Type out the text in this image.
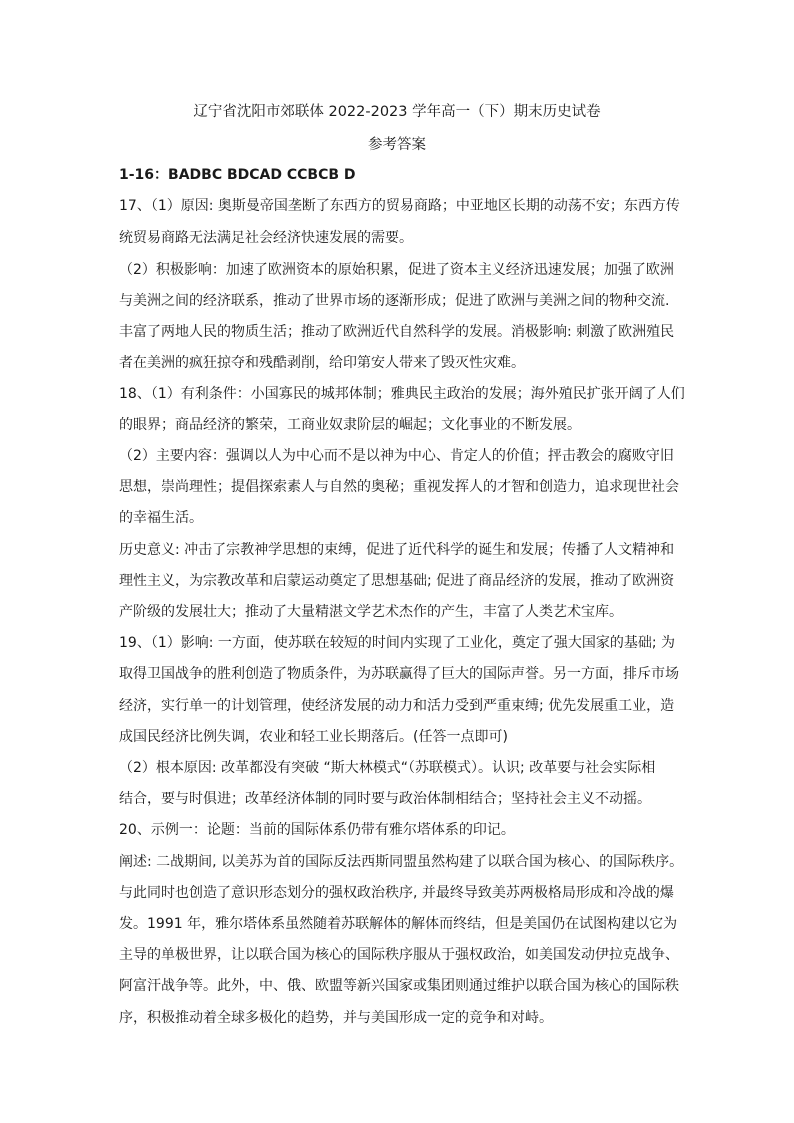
辽宁省沈阳市郊联体 2022-2023 学年高一（下）期末历史试卷
参考答案
1-16：BADBC BDCAD CCBCB D
17、（1）原因: 奥斯曼帝国垄断了东西方的贸易商路；中亚地区长期的动荡不安；东西方传
统贸易商路无法满足社会经济快速发展的需要。
（2）积极影响：加速了欧洲资本的原始积累，促进了资本主义经济迅速发展；加强了欧洲
与美洲之间的经济联系，推动了世界市场的逐渐形成；促进了欧洲与美洲之间的物种交流.
丰富了两地人民的物质生活；推动了欧洲近代自然科学的发展。消极影响: 刺激了欧洲殖民
者在美洲的疯狂掠夺和残酷剥削，给印第安人带来了毁灭性灾难。
18、（1）有利条件：小国寡民的城邦体制；雅典民主政治的发展；海外殖民扩张开阔了人们
的眼界；商品经济的繁荣，工商业奴隶阶层的崛起；文化事业的不断发展。
（2）主要内容：强调以人为中心而不是以神为中心、肯定人的价值；抨击教会的腐败守旧
思想，崇尚理性；提倡探索素人与自然的奥秘；重视发挥人的才智和创造力，追求现世社会
的幸福生活。
历史意义: 冲击了宗教神学思想的束缚，促进了近代科学的诞生和发展；传播了人文精神和
理性主义，为宗教改革和启蒙运动奠定了思想基础; 促进了商品经济的发展，推动了欧洲资
产阶级的发展壮大；推动了大量精湛文学艺术杰作的产生，丰富了人类艺术宝库。
19、（1）影响: 一方面，使苏联在较短的时间内实现了工业化，奠定了强大国家的基础; 为
取得卫国战争的胜利创造了物质条件，为苏联赢得了巨大的国际声誉。另一方面，排斥市场
经济，实行单一的计划管理，使经济发展的动力和活力受到严重束缚; 优先发展重工业，造
成国民经济比例失调，农业和轻工业长期落后。(任答一点即可)
（2）根本原因: 改革都没有突破 “斯大林模式“（苏联模式）。认识; 改革要与社会实际相
结合，要与时俱进；改革经济体制的同时要与政治体制相结合；坚持社会主义不动摇。
20、示例一：论题：当前的国际体系仍带有雅尔塔体系的印记。
阐述: 二战期间, 以美苏为首的国际反法西斯同盟虽然构建了以联合国为核心、的国际秩序。
与此同时也创造了意识形态划分的强权政治秩序, 并最终导致美苏两极格局形成和冷战的爆
发。1991 年，雅尔塔体系虽然随着苏联解体的解体而终结，但是美国仍在试图构建以它为
主导的单极世界，让以联合国为核心的国际秩序服从于强权政治，如美国发动伊拉克战争、
阿富汗战争等。此外，中、俄、欧盟等新兴国家或集团则通过维护以联合国为核心的国际秩
序，积极推动着全球多极化的趋势，并与美国形成一定的竞争和对峙。
